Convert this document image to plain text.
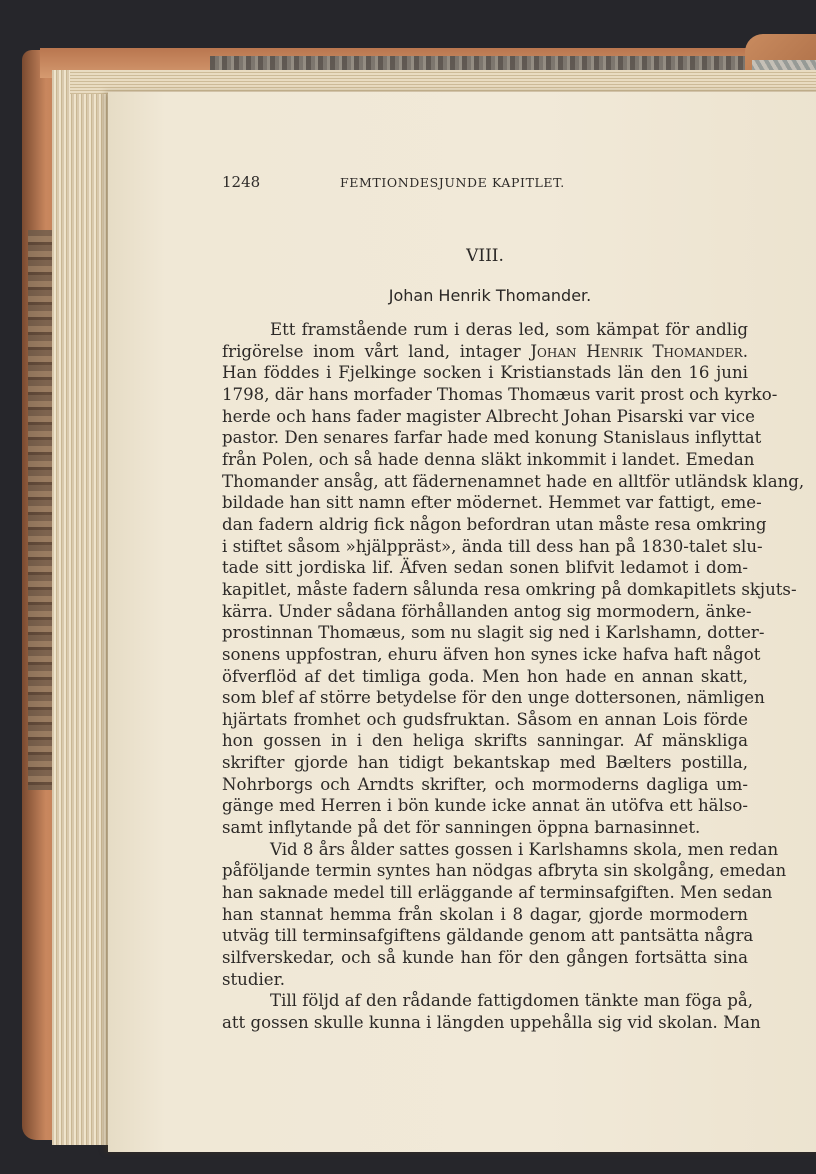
1248	FEMTIONDESJUNDE KAPITLET.
VIII.
Johan Henrik Thomander.
Ett framstående rum i deras led, som kämpat för andlig
frigörelse inom vårt land, intager Johan Henrik Thomander.
Han föddes i Fjelkinge socken i Kristianstads län den 16 juni
1798, där hans morfader Thomas Thomæus varit prost och kyrko-
herde och hans fader magister Albrecht Johan Pisarski var vice
pastor. Den senares farfar hade med konung Stanislaus inflyttat
från Polen, och så hade denna släkt inkommit i landet. Emedan
Thomander ansåg, att fädernenamnet hade en alltför utländsk klang,
bildade han sitt namn efter mödernet. Hemmet var fattigt, eme-
dan fadern aldrig fick någon befordran utan måste resa omkring
i stiftet såsom »hjälppräst», ända till dess han på 1830-talet slu-
tade sitt jordiska lif. Äfven sedan sonen blifvit ledamot i dom-
kapitlet, måste fadern sålunda resa omkring på domkapitlets skjuts-
kärra. Under sådana förhållanden antog sig mormodern, änke-
prostinnan Thomæus, som nu slagit sig ned i Karlshamn, dotter-
sonens uppfostran, ehuru äfven hon synes icke hafva haft något
öfverflöd af det timliga goda. Men hon hade en annan skatt,
som blef af större betydelse för den unge dottersonen, nämligen
hjärtats fromhet och gudsfruktan. Såsom en annan Lois förde
hon gossen in i den heliga skrifts sanningar. Af mänskliga
skrifter gjorde han tidigt bekantskap med Bælters postilla,
Nohrborgs och Arndts skrifter, och mormoderns dagliga um-
gänge med Herren i bön kunde icke annat än utöfva ett hälso-
samt inflytande på det för sanningen öppna barnasinnet.
Vid 8 års ålder sattes gossen i Karlshamns skola, men redan
påföljande termin syntes han nödgas afbryta sin skolgång, emedan
han saknade medel till erläggande af terminsafgiften. Men sedan
han stannat hemma från skolan i 8 dagar, gjorde mormodern
utväg till terminsafgiftens gäldande genom att pantsätta några
silfverskedar, och så kunde han för den gången fortsätta sina
studier.
Till följd af den rådande fattigdomen tänkte man föga på,
att gossen skulle kunna i längden uppehålla sig vid skolan. Man
